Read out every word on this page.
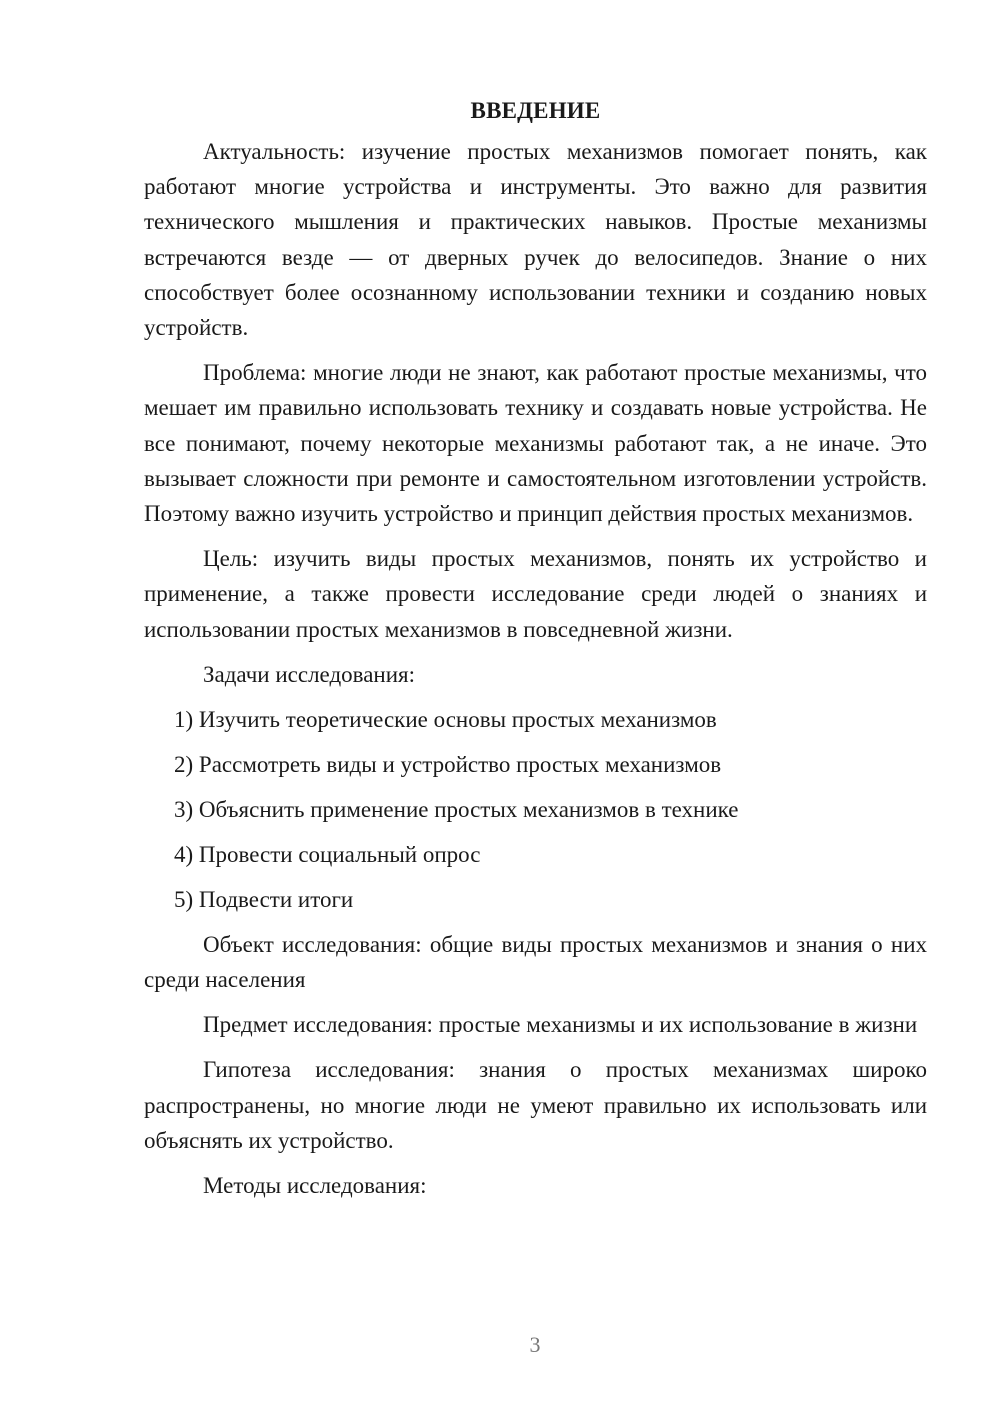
ВВЕДЕНИЕ

Актуальность: изучение простых механизмов помогает понять, как работают многие устройства и инструменты. Это важно для развития технического мышления и практических навыков. Простые механизмы встречаются везде — от дверных ручек до велосипедов. Знание о них способствует более осознанному использовании техники и созданию новых устройств.

Проблема: многие люди не знают, как работают простые механизмы, что мешает им правильно использовать технику и создавать новые устройства. Не все понимают, почему некоторые механизмы работают так, а не иначе. Это вызывает сложности при ремонте и самостоятельном изготовлении устройств. Поэтому важно изучить устройство и принцип действия простых механизмов.

Цель: изучить виды простых механизмов, понять их устройство и применение, а также провести исследование среди людей о знаниях и использовании простых механизмов в повседневной жизни.

Задачи исследования:

1) Изучить теоретические основы простых механизмов
2) Рассмотреть виды и устройство простых механизмов
3) Объяснить применение простых механизмов в технике
4) Провести социальный опрос
5) Подвести итоги

Объект исследования: общие виды простых механизмов и знания о них среди населения

Предмет исследования: простые механизмы и их использование в жизни

Гипотеза исследования: знания о простых механизмах широко распространены, но многие люди не умеют правильно их использовать или объяснять их устройство.

Методы исследования:

3
